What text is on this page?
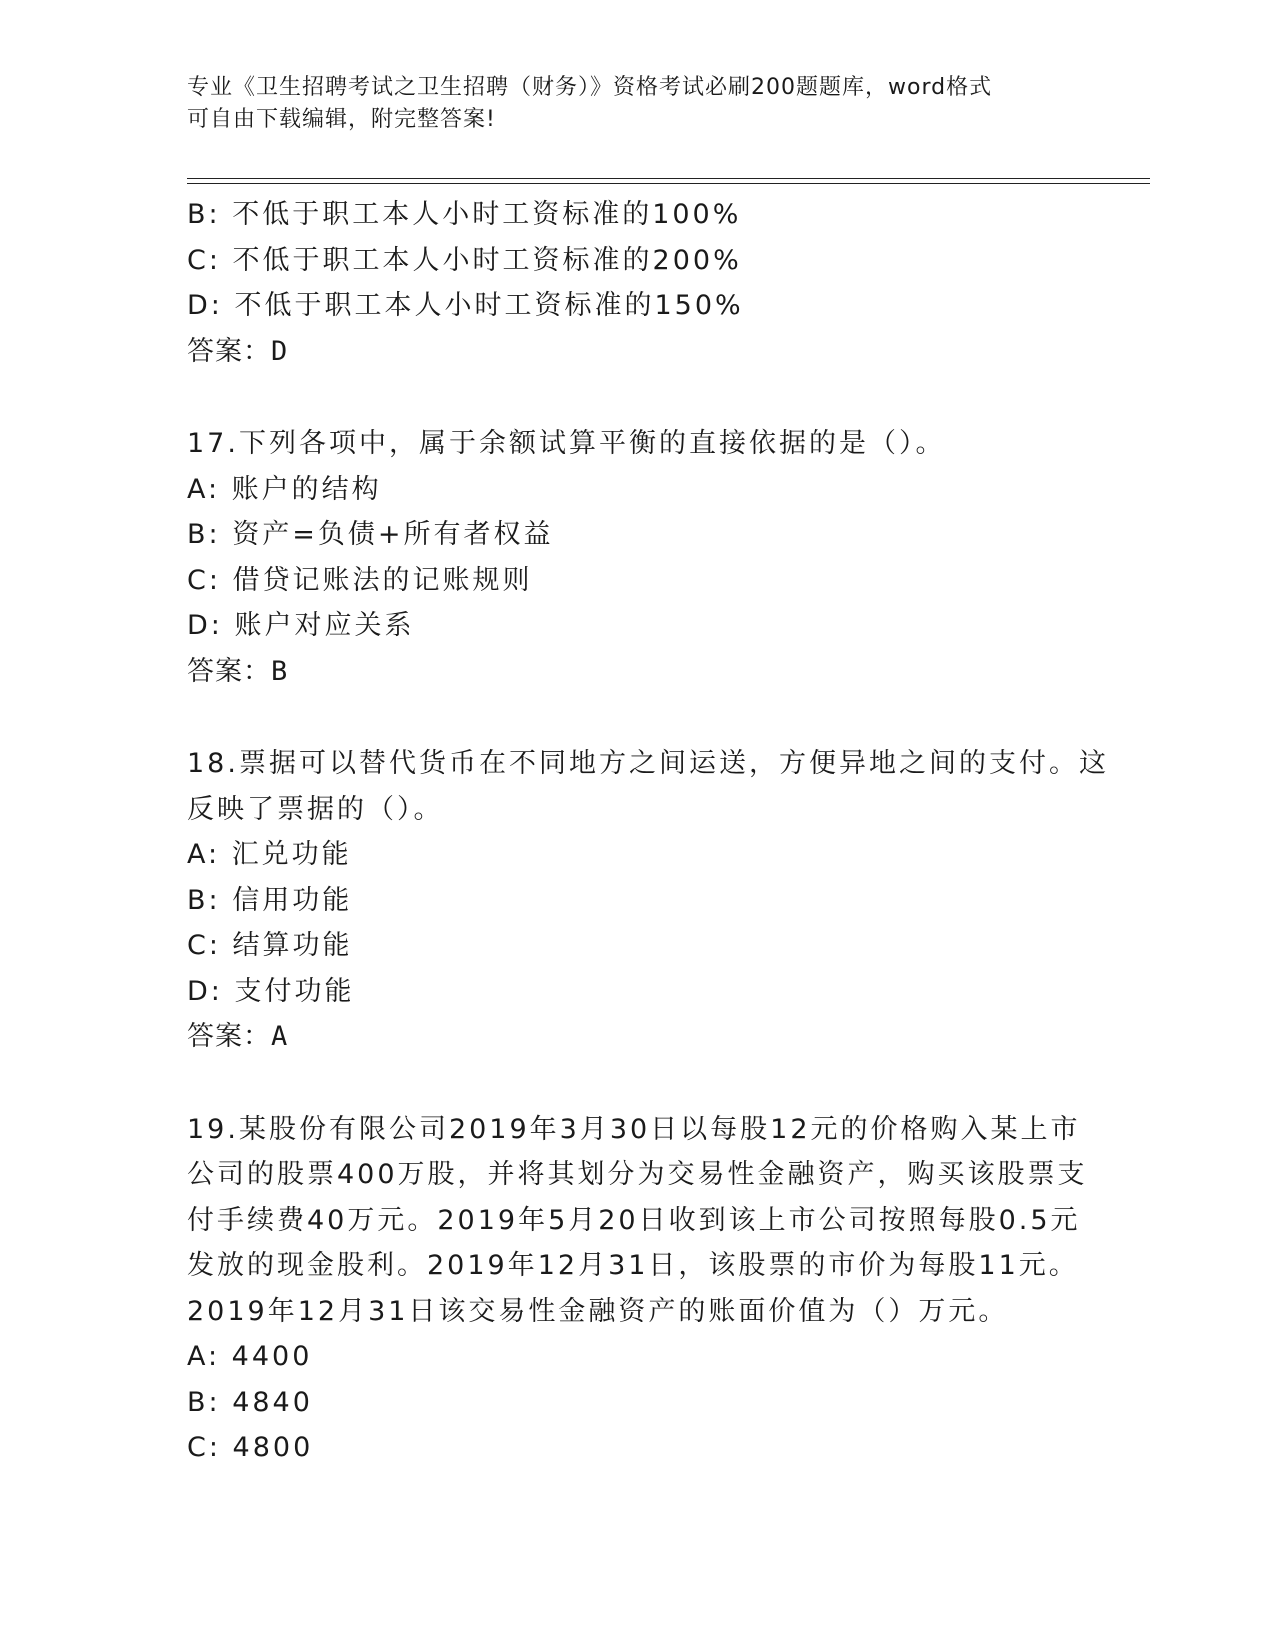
专业《卫生招聘考试之卫生招聘（财务）》资格考试必刷200题题库，word格式
可自由下载编辑，附完整答案!
B: 不低于职工本人小时工资标准的100%
C: 不低于职工本人小时工资标准的200%
D: 不低于职工本人小时工资标准的150%
答案：D
17.下列各项中，属于余额试算平衡的直接依据的是（）。
A: 账户的结构
B: 资产=负债+所有者权益
C: 借贷记账法的记账规则
D: 账户对应关系
答案：B
18.票据可以替代货币在不同地方之间运送，方便异地之间的支付。这
反映了票据的（）。
A: 汇兑功能
B: 信用功能
C: 结算功能
D: 支付功能
答案：A
19.某股份有限公司2019年3月30日以每股12元的价格购入某上市
公司的股票400万股，并将其划分为交易性金融资产，购买该股票支
付手续费40万元。2019年5月20日收到该上市公司按照每股0.5元
发放的现金股利。2019年12月31日，该股票的市价为每股11元。
2019年12月31日该交易性金融资产的账面价值为（）万元。
A: 4400
B: 4840
C: 4800
